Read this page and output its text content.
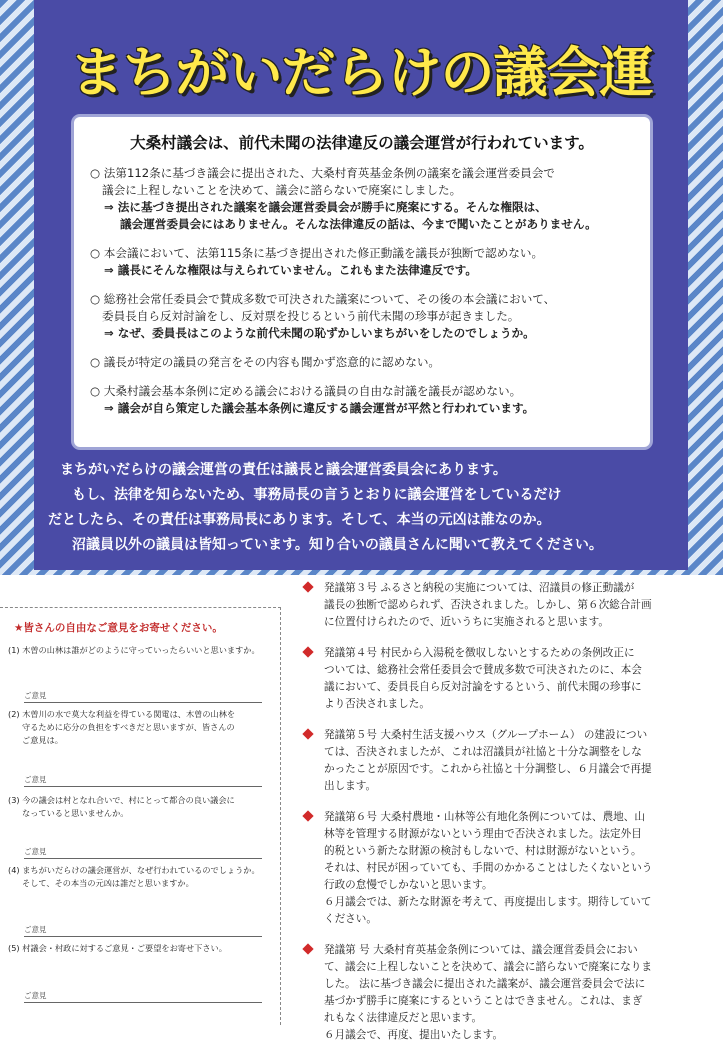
まちがいだらけの議会運
大桑村議会は、前代未聞の法律違反の議会運営が行われています。
○ 法第112条に基づき議会に提出された、大桑村育英基金条例の議案を議会運営委員会で
議会に上程しないことを決めて、議会に諮らないで廃案にしました。
⇒ 法に基づき提出された議案を議会運営委員会が勝手に廃案にする。そんな権限は、
議会運営委員会にはありません。そんな法律違反の話は、今まで聞いたことがありません。
○ 本会議において、法第115条に基づき提出された修正動議を議長が独断で認めない。
⇒ 議長にそんな権限は与えられていません。これもまた法律違反です。
○ 総務社会常任委員会で賛成多数で可決された議案について、その後の本会議において、
委員長自ら反対討論をし、反対票を投じるという前代未聞の珍事が起きました。
⇒ なぜ、委員長はこのような前代未聞の恥ずかしいまちがいをしたのでしょうか。
○ 議長が特定の議員の発言をその内容も聞かず恣意的に認めない。
○ 大桑村議会基本条例に定める議会における議員の自由な討議を議長が認めない。
⇒ 議会が自ら策定した議会基本条例に違反する議会運営が平然と行われています。
まちがいだらけの議会運営の責任は議長と議会運営委員会にあります。
もし、法律を知らないため、事務局長の言うとおりに議会運営をしているだけ
だとしたら、その責任は事務局長にあります。そして、本当の元凶は誰なのか。
沼議員以外の議員は皆知っています。知り合いの議員さんに聞いて教えてください。
★皆さんの自由なご意見をお寄せください。
(1) 木曽の山林は誰がどのように守っていったらいいと思いますか。
ご意見
(2) 木曽川の水で莫大な利益を得ている関電は、木曽の山林を
守るために応分の負担をすべきだと思いますが、皆さんの
ご意見は。
ご意見
(3) 今の議会は村となれ合いで、村にとって都合の良い議会に
なっていると思いませんか。
ご意見
(4) まちがいだらけの議会運営が、なぜ行われているのでしょうか。
そして、その本当の元凶は誰だと思いますか。
ご意見
(5) 村議会・村政に対するご意見・ご要望をお寄せ下さい。
ご意見
発議第３号 ふるさと納税の実施については、沼議員の修正動議が
議長の独断で認められず、否決されました。しかし、第６次総合計画
に位置付けられたので、近いうちに実施されると思います。
発議第４号 村民から入湯税を徴収しないとするための条例改正に
ついては、総務社会常任委員会で賛成多数で可決されたのに、本会
議において、委員長自ら反対討論をするという、前代未聞の珍事に
より否決されました。
発議第５号 大桑村生活支援ハウス（グループホーム） の建設につい
ては、否決されましたが、これは沼議員が社協と十分な調整をしな
かったことが原因です。これから社協と十分調整し、６月議会で再提
出します。
発議第６号 大桑村農地・山林等公有地化条例については、農地、山
林等を管理する財源がないという理由で否決されました。法定外目
的税という新たな財源の検討もしないで、村は財源がないという。
それは、村民が困っていても、手間のかかることはしたくないという
行政の怠慢でしかないと思います。
６月議会では、新たな財源を考えて、再度提出します。期待していて
ください。
発議第 号 大桑村育英基金条例については、議会運営委員会におい
て、議会に上程しないことを決めて、議会に諮らないで廃案になりま
した。 法に基づき議会に提出された議案が、議会運営委員会で法に
基づかず勝手に廃案にするということはできません。これは、まぎ
れもなく法律違反だと思います。
６月議会で、再度、提出いたします。
